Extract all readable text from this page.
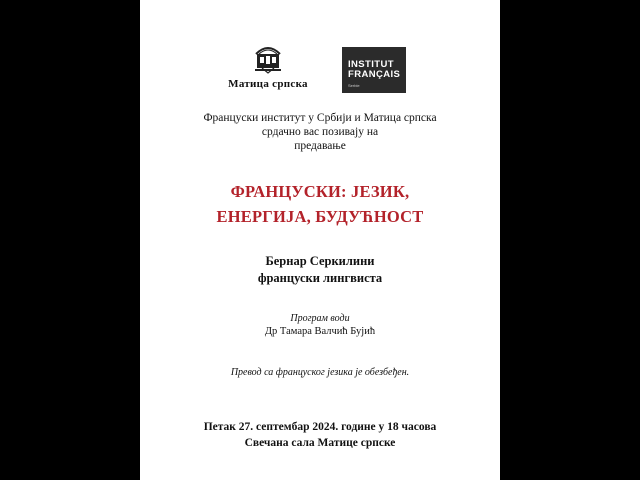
Матица српска
INSTITUT
FRANÇAIS
Serbie
Француски институт у Србији и Матица српска
срдачно вас позивају на
предавање
ФРАНЦУСКИ: ЈЕЗИК,
ЕНЕРГИЈА, БУДУЋНОСТ
Бернар Серкилини
француски лингвиста
Програм води
Др Тамара Валчић Бујић
Превод са француског језика је обезбеђен.
Петак 27. септембар 2024. године у 18 часова
Свечана сала Матице српске
